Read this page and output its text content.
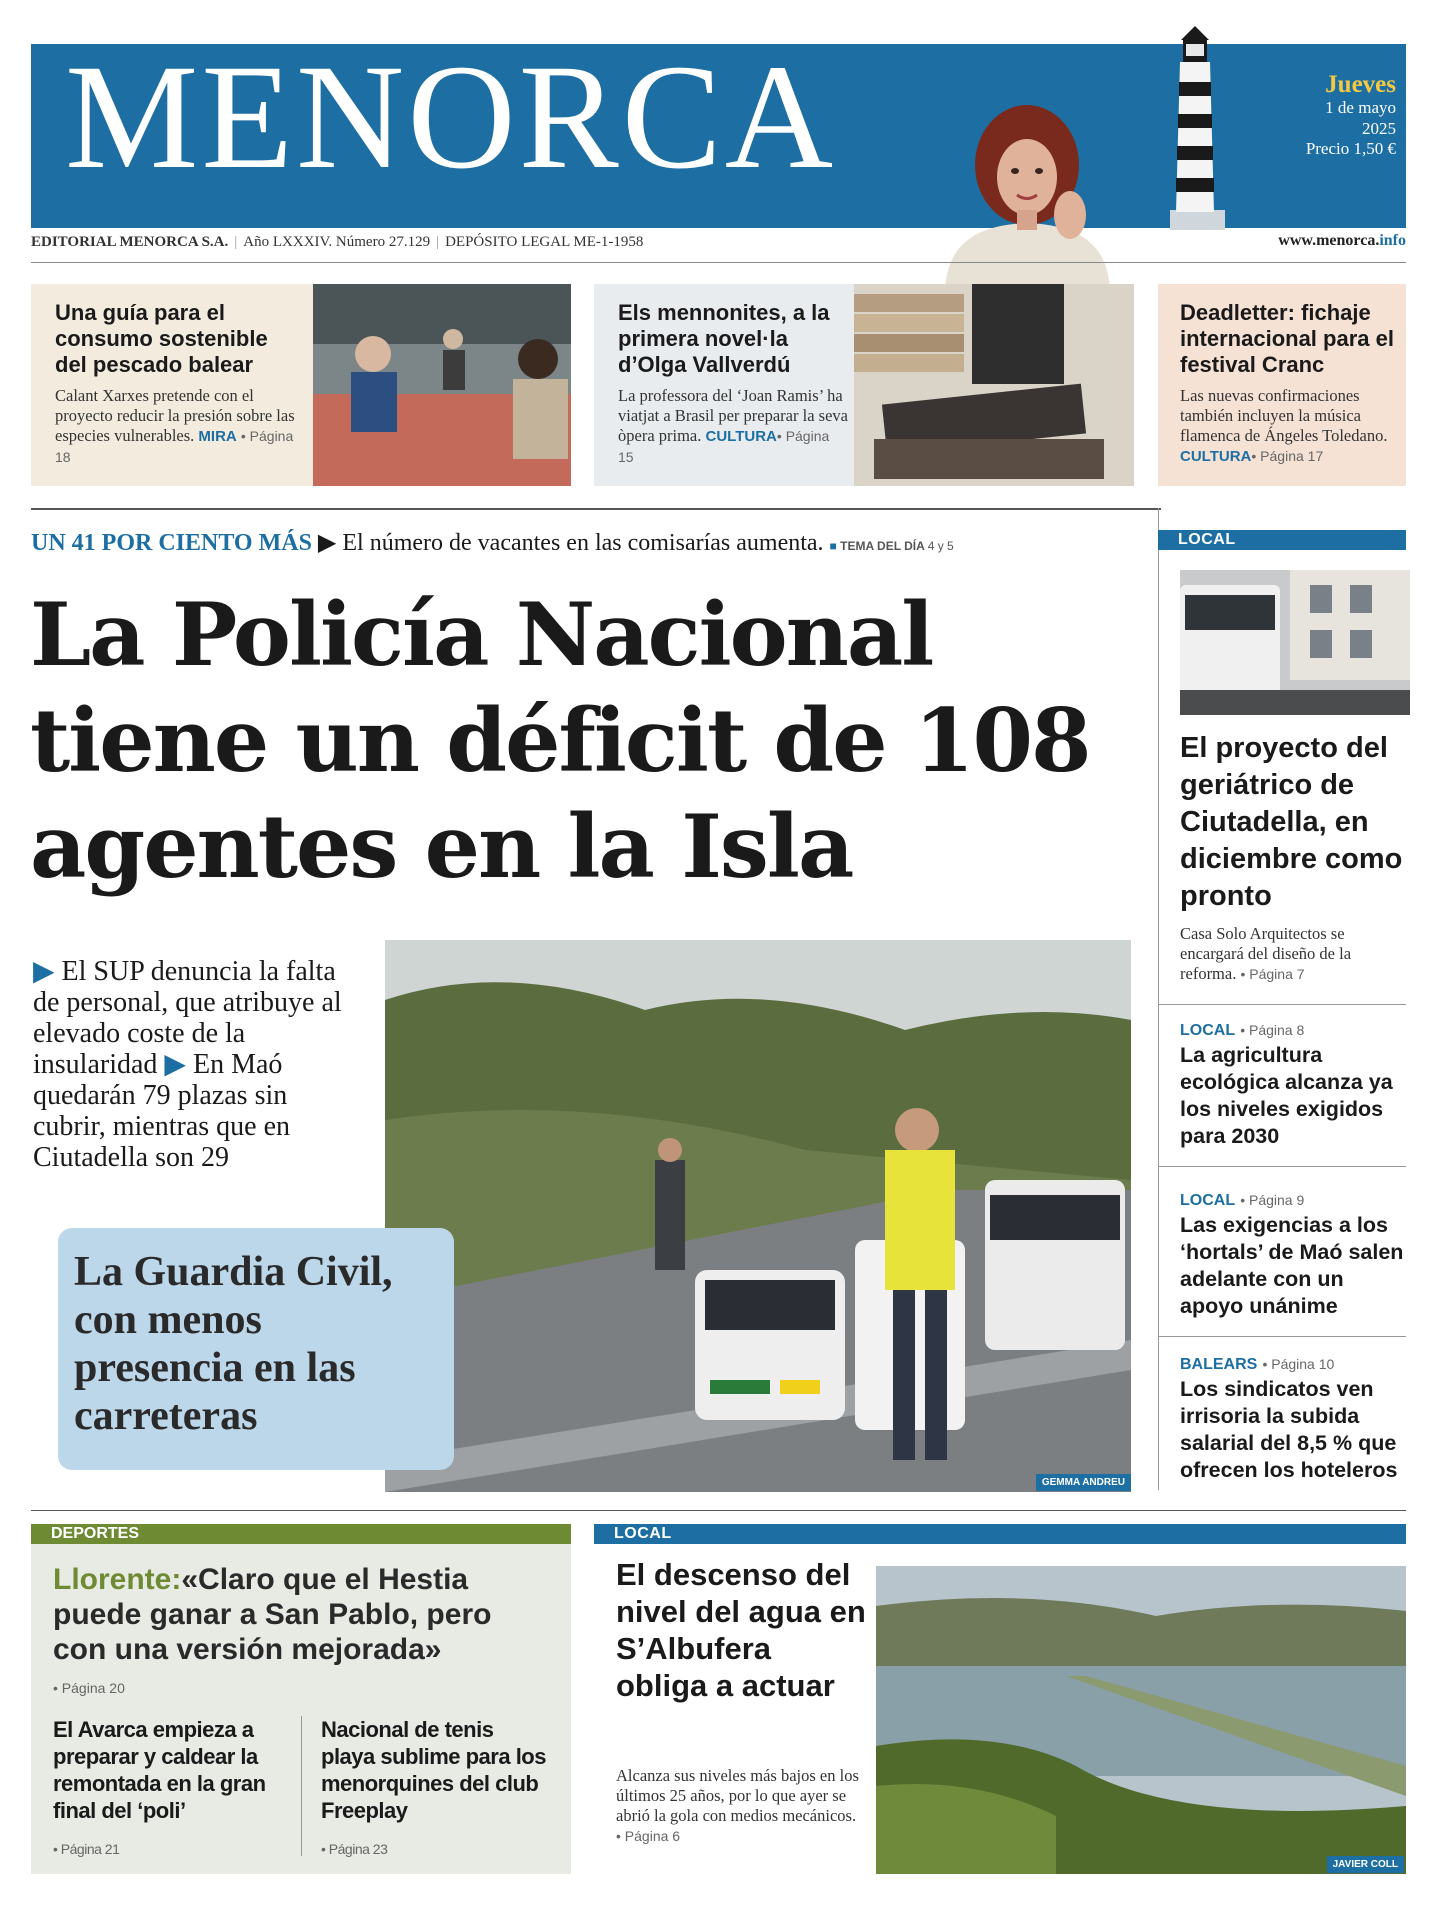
MENORCA	Jueves
1 de mayo
2025
Precio 1,50 €
EDITORIAL MENORCA S.A. | Año LXXXIV. Número 27.129 | DEPÓSITO LEGAL ME-1-1958	www.menorca.info
Una guía para el consumo sostenible del pescado balear

Calant Xarxes pretende con el proyecto reducir la presión sobre las especies vulnerables. MIRA • Página 18

Els mennonites, a la primera novel·la d’Olga Vallverdú

La professora del ‘Joan Ramis’ ha viatjat a Brasil per preparar la seva òpera prima. CULTURA• Página 15

Deadletter: fichaje internacional para el festival Cranc

Las nuevas confirmaciones también incluyen la música flamenca de Ángeles Toledano. CULTURA• Página 17

UN 41 POR CIENTO MÁS ▶ El número de vacantes en las comisarías aumenta. ■ TEMA DEL DÍA 4 y 5
La Policía Nacional tiene un déficit de 108 agentes en la Isla
▶ El SUP denuncia la falta de personal, que atribuye al elevado coste de la insularidad ▶ En Maó quedarán 79 plazas sin cubrir, mientras que en Ciutadella son 29
GEMMA ANDREU
La Guardia Civil, con menos presencia en las carreteras
LOCAL
El proyecto del geriátrico de Ciutadella, en diciembre como pronto

Casa Solo Arquitectos se encargará del diseño de la reforma. • Página 7

LOCAL • Página 8
La agricultura ecológica alcanza ya los niveles exigidos para 2030
LOCAL • Página 9
Las exigencias a los ‘hortals’ de Maó salen adelante con un apoyo unánime
BALEARS • Página 10
Los sindicatos ven irrisoria la subida salarial del 8,5 % que ofrecen los hoteleros
DEPORTES
Llorente:«Claro que el Hestia puede ganar a San Pablo, pero con una versión mejorada»
• Página 20
El Avarca empieza a preparar y caldear la remontada en la gran final del ‘poli’
• Página 21
Nacional de tenis playa sublime para los menorquines del club Freeplay
• Página 23
LOCAL
El descenso del nivel del agua en S’Albufera obliga a actuar

Alcanza sus niveles más bajos en los últimos 25 años, por lo que ayer se abrió la gola con medios mecánicos.
• Página 6

JAVIER COLL
